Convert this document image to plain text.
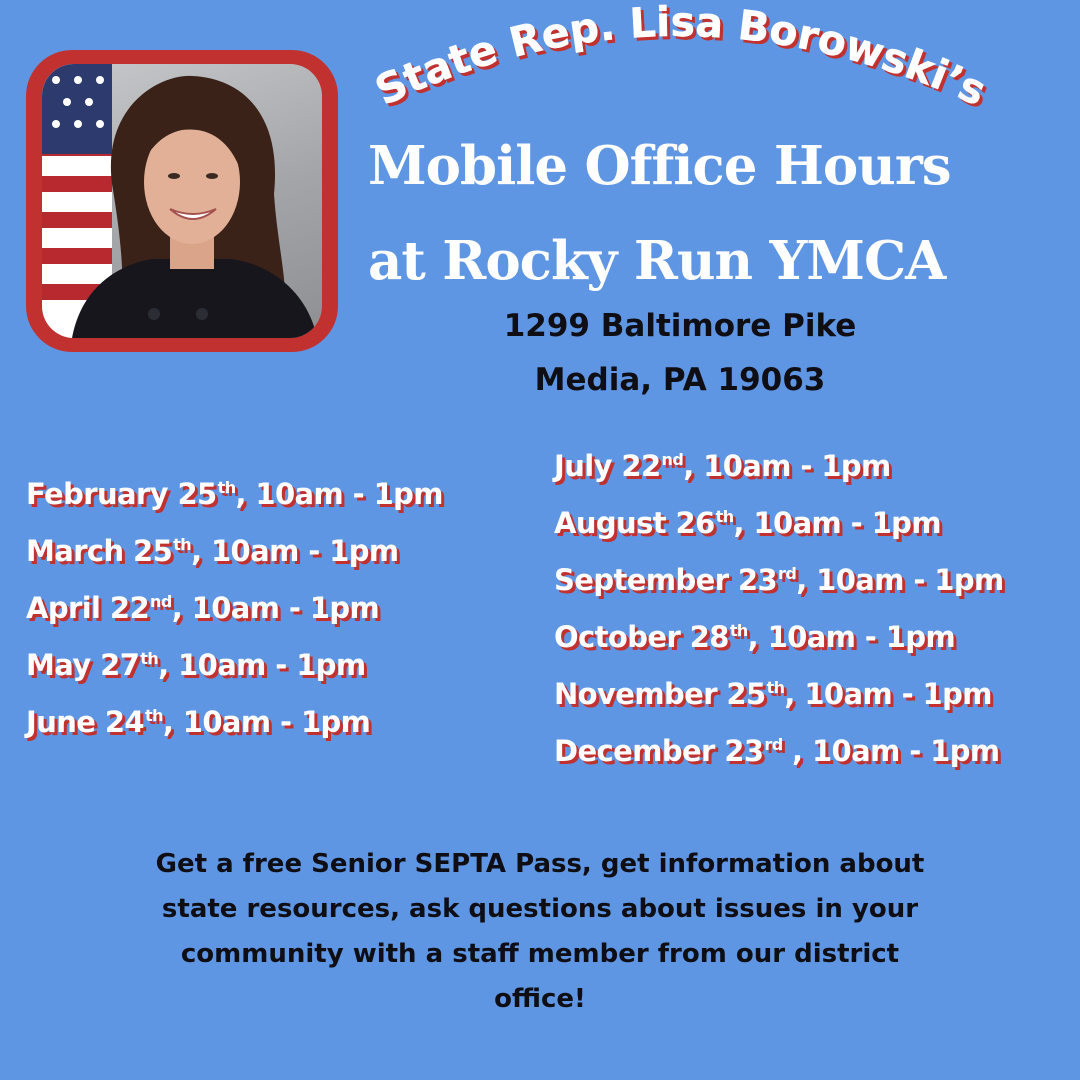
State Rep. Lisa Borowski’s
Mobile Office Hours
at Rocky Run YMCA

1299 Baltimore Pike

Media, PA 19063

February 25th, 10am - 1pm
March 25th, 10am - 1pm
April 22nd, 10am - 1pm
May 27th, 10am - 1pm
June 24th, 10am - 1pm
July 22nd, 10am - 1pm
August 26th, 10am - 1pm
September 23rd, 10am - 1pm
October 28th, 10am - 1pm
November 25th, 10am - 1pm
December 23rd , 10am - 1pm

Get a free Senior SEPTA Pass, get information about state resources, ask questions about issues in your community with a staff member from our district office!
